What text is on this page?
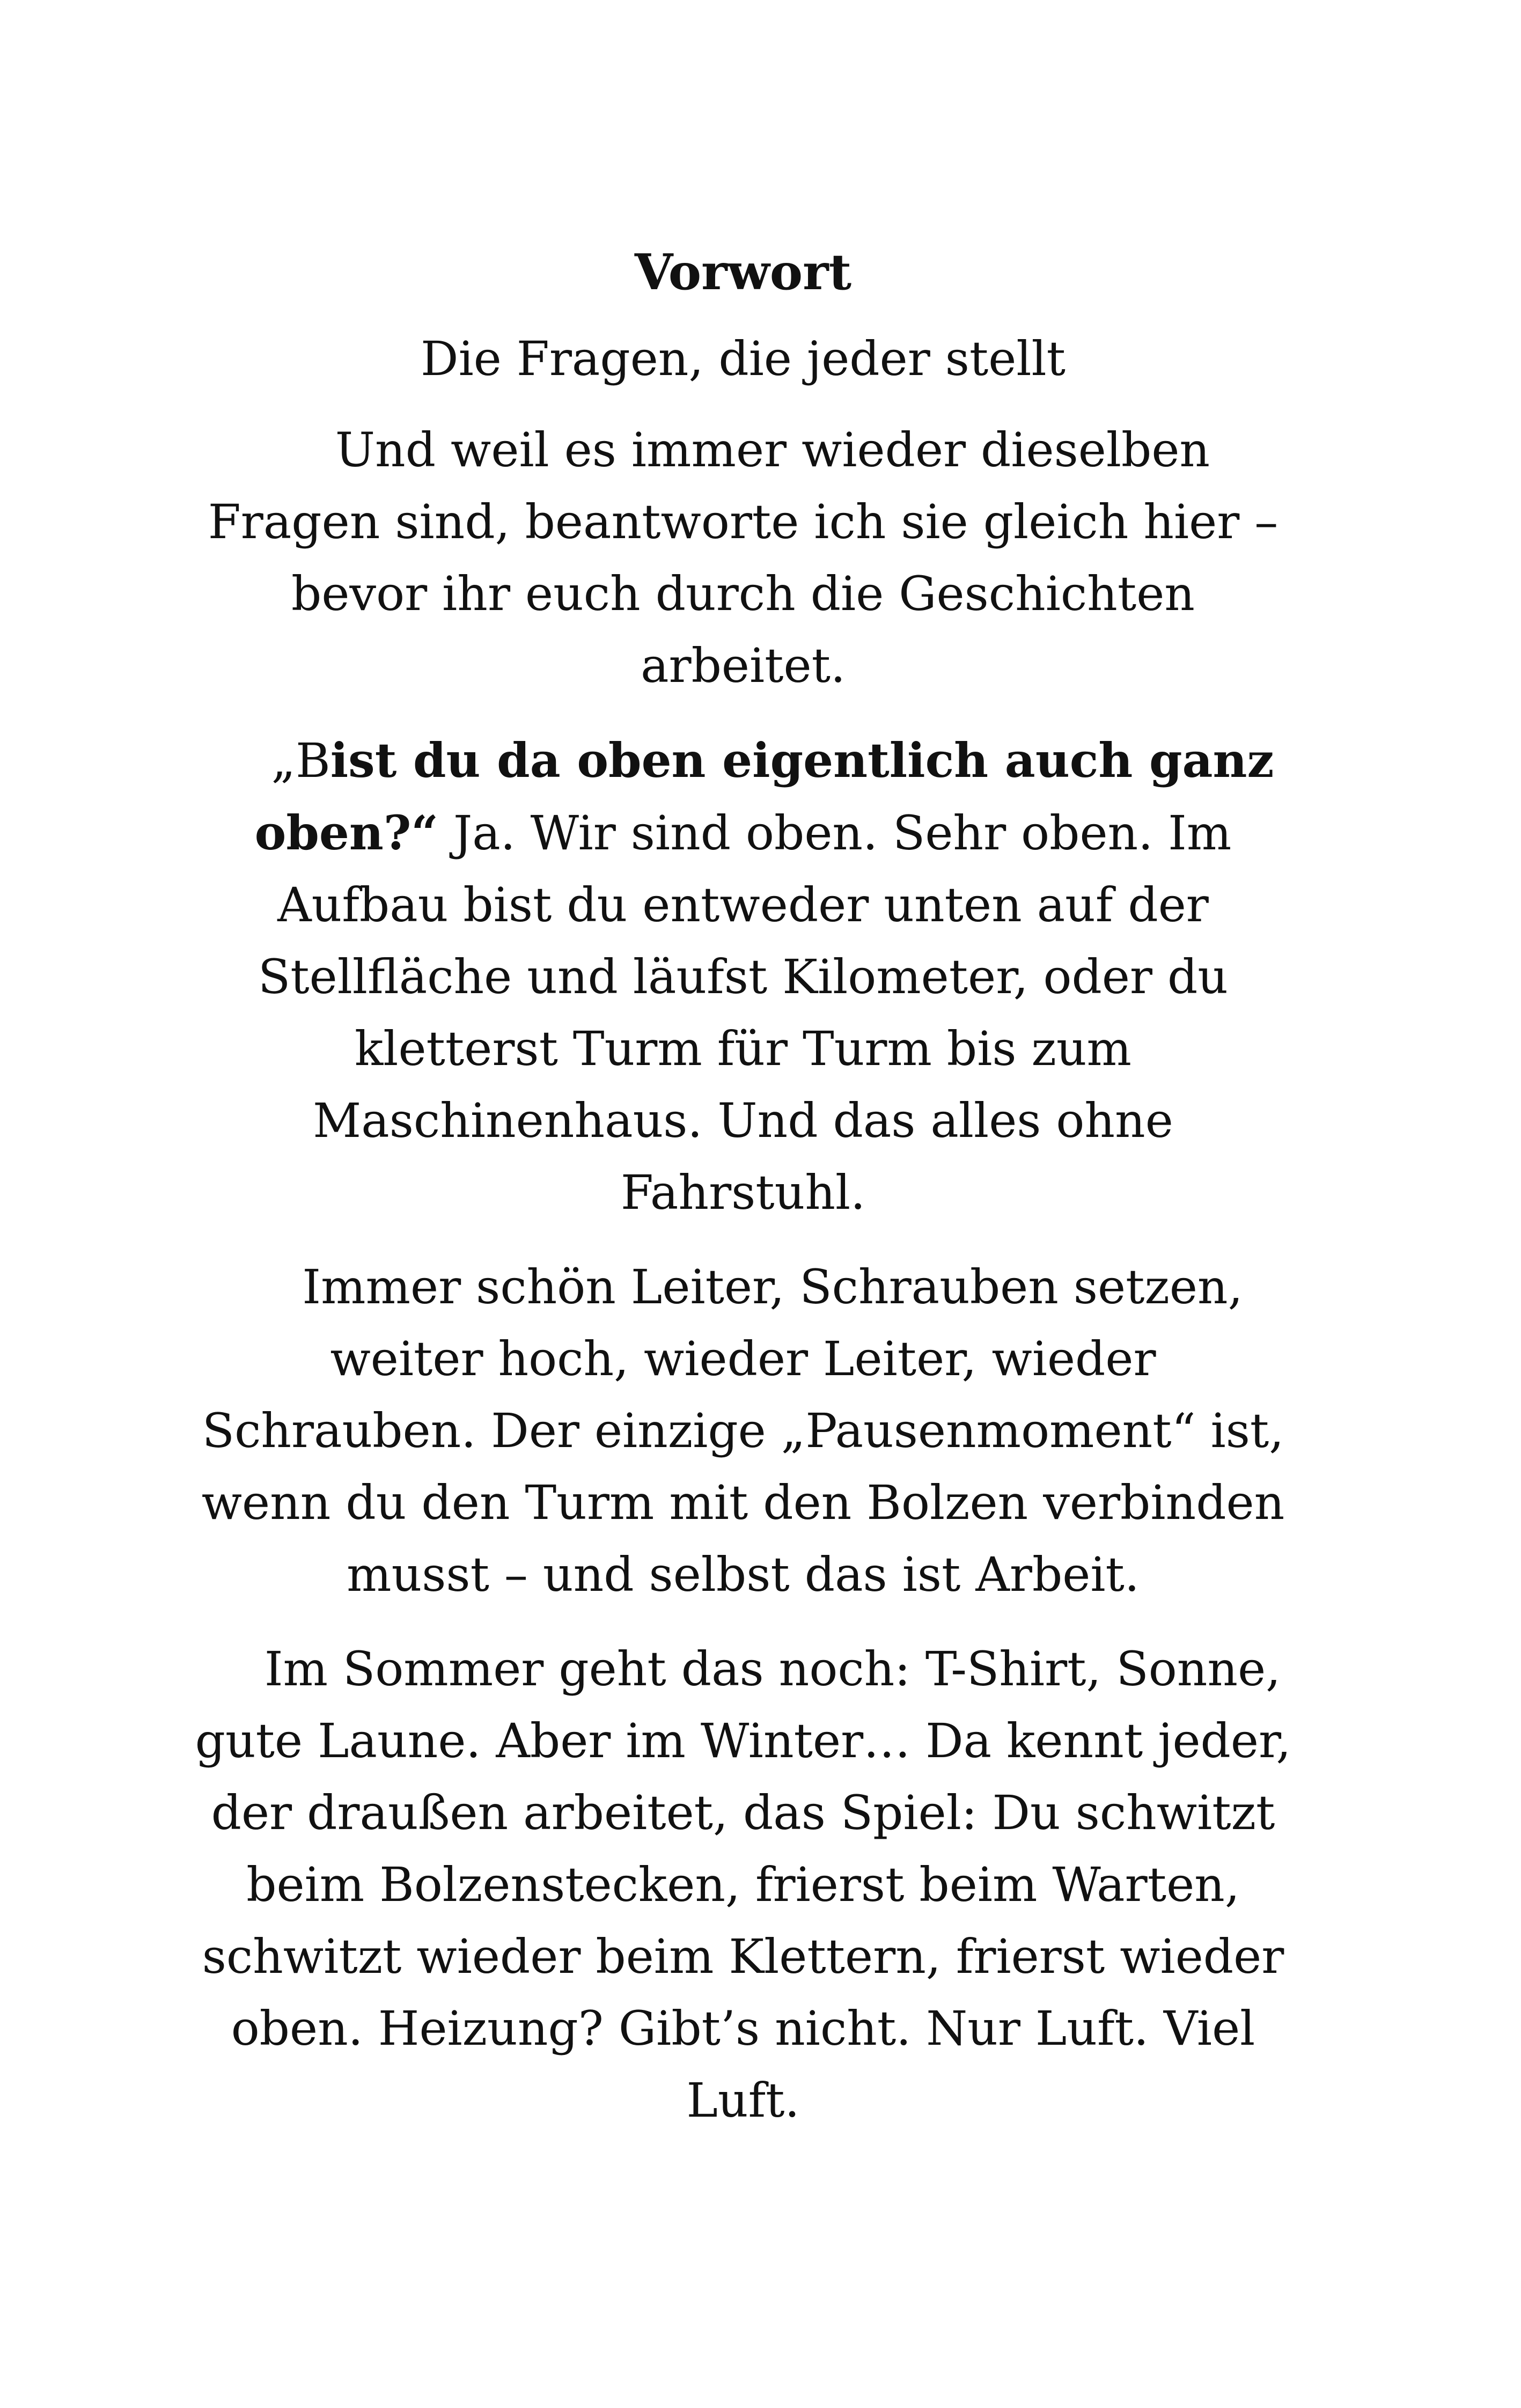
Vorwort
Die Fragen, die jeder stellt

Und weil es immer wieder dieselben Fragen sind, beantworte ich sie gleich hier – bevor ihr euch durch die Geschichten arbeitet.

„Bist du da oben eigentlich auch ganz oben?“ Ja. Wir sind oben. Sehr oben. Im Aufbau bist du entweder unten auf der Stellfläche und läufst Kilometer, oder du kletterst Turm für Turm bis zum Maschinenhaus. Und das alles ohne Fahrstuhl.

Immer schön Leiter, Schrauben setzen, weiter hoch, wieder Leiter, wieder Schrauben. Der einzige „Pausenmoment“ ist, wenn du den Turm mit den Bolzen verbinden musst – und selbst das ist Arbeit.

Im Sommer geht das noch: T-Shirt, Sonne, gute Laune. Aber im Winter… Da kennt jeder, der draußen arbeitet, das Spiel: Du schwitzt beim Bolzenstecken, frierst beim Warten, schwitzt wieder beim Klettern, frierst wieder oben. Heizung? Gibt’s nicht. Nur Luft. Viel Luft.
